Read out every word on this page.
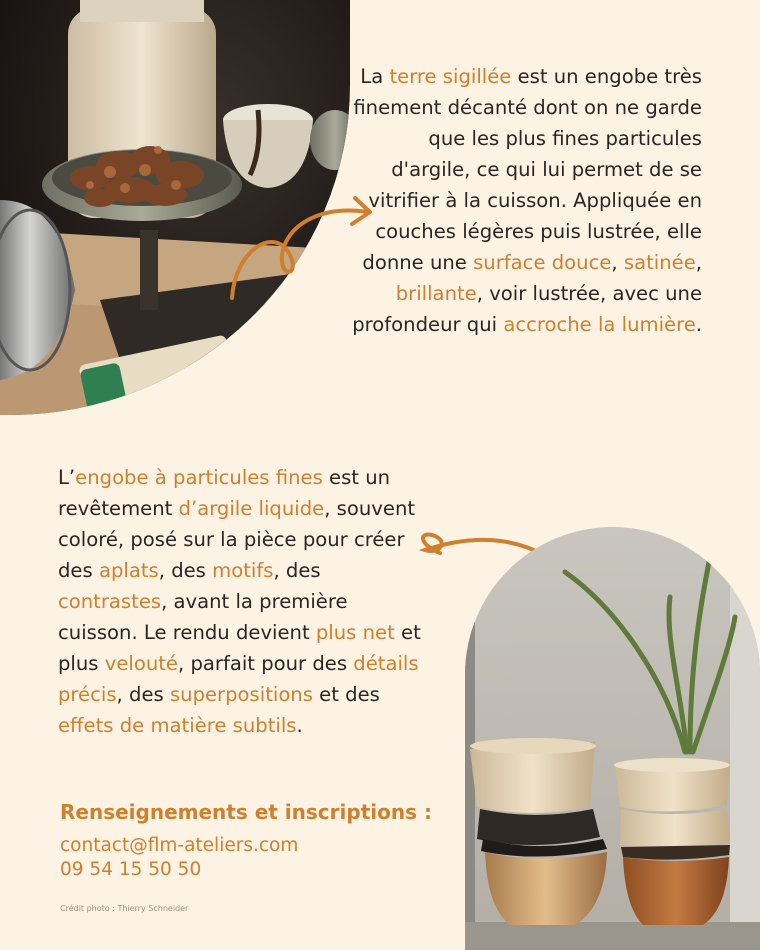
La terre sigillée est un engobe très finement décanté dont on ne garde que les plus fines particules d'argile, ce qui lui permet de se vitrifier à la cuisson. Appliquée en couches légères puis lustrée, elle donne une surface douce, satinée, brillante, voir lustrée, avec une profondeur qui accroche la lumière.

L’engobe à particules fines est un revêtement d’argile liquide, souvent coloré, posé sur la pièce pour créer des aplats, des motifs, des contrastes, avant la première cuisson. Le rendu devient plus net et plus velouté, parfait pour des détails précis, des superpositions et des effets de matière subtils.

Renseignements et inscriptions :

contact@flm-ateliers.com

09 54 15 50 50

Crédit photo : Thierry Schneider
